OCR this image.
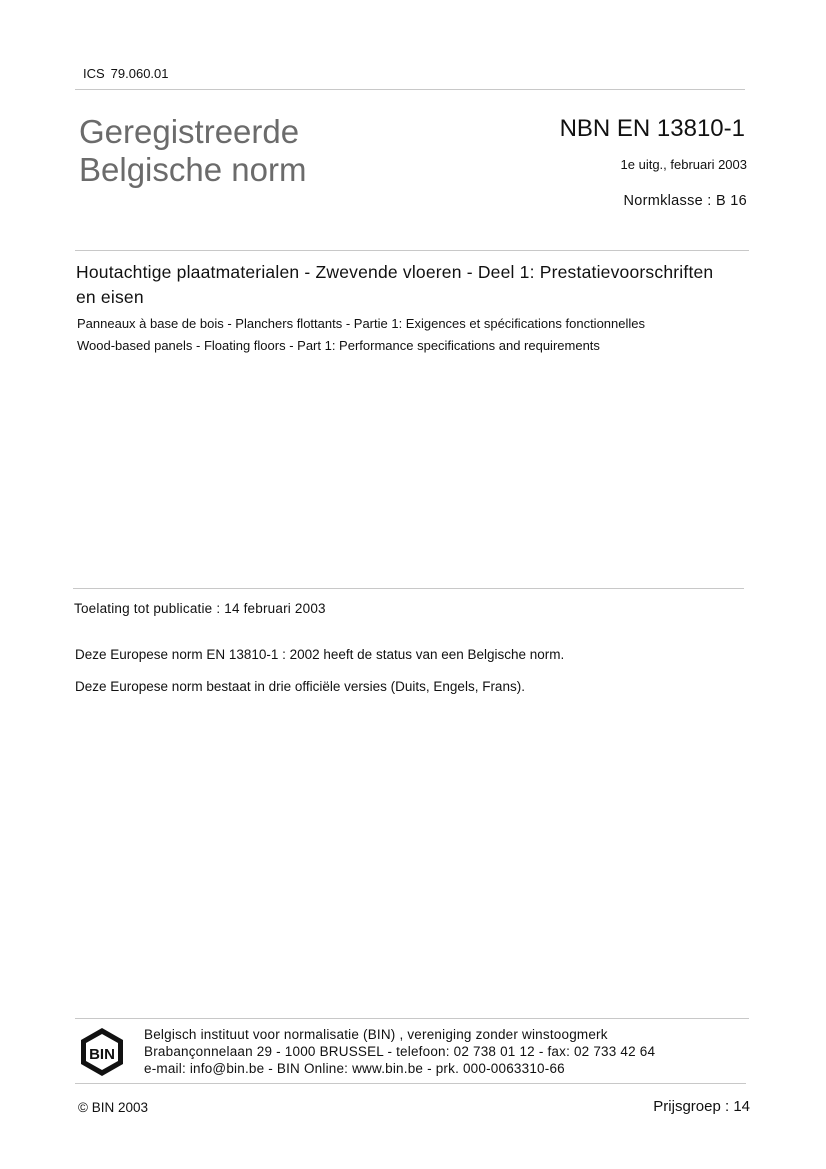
ICS 79.060.01
Geregistreerde
Belgische norm
NBN EN 13810-1
1e uitg., februari 2003
Normklasse : B 16
Houtachtige plaatmaterialen - Zwevende vloeren - Deel 1: Prestatievoorschriften en eisen
Panneaux à base de bois - Planchers flottants - Partie 1: Exigences et spécifications fonctionnelles
Wood-based panels - Floating floors - Part 1: Performance specifications and requirements
Toelating tot publicatie : 14 februari 2003
Deze Europese norm EN 13810-1 : 2002 heeft de status van een Belgische norm.
Deze Europese norm bestaat in drie officiële versies (Duits, Engels, Frans).
BIN
Belgisch instituut voor normalisatie (BIN) , vereniging zonder winstoogmerk
Brabançonnelaan 29 - 1000 BRUSSEL - telefoon: 02 738 01 12 - fax: 02 733 42 64
e-mail: info@bin.be - BIN Online: www.bin.be - prk. 000-0063310-66
© BIN 2003	Prijsgroep : 14
